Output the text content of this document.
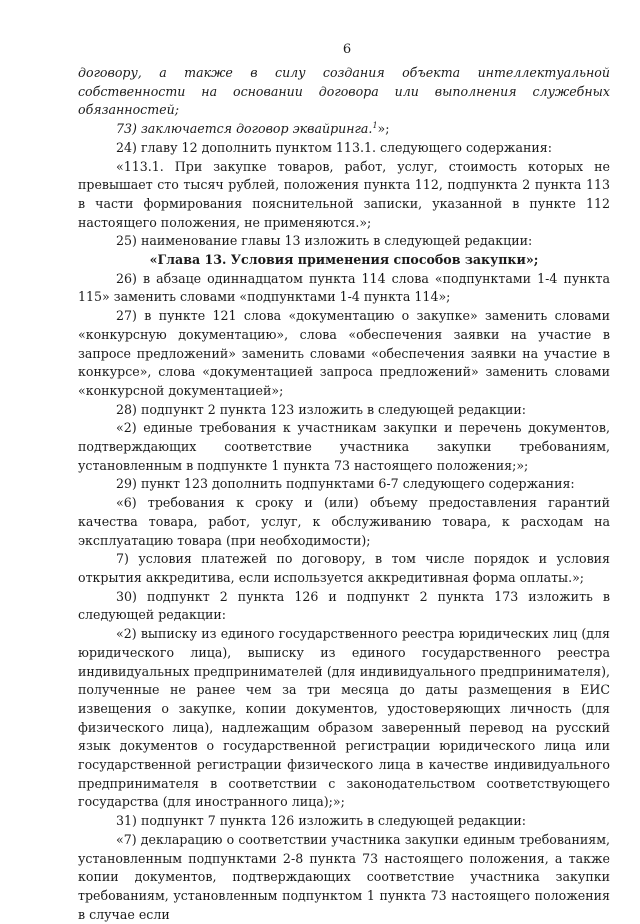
6

договору, а также в силу создания объекта интеллектуальной собственности на основании договора или выполнения служебных обязанностей;

73) заключается договор эквайринга.$^1$»;

24) главу 12 дополнить пунктом 113.1. следующего содержания:

«113.1. При закупке товаров, работ, услуг, стоимость которых не превышает сто тысяч рублей, положения пункта 112, подпункта 2 пункта 113 в части формирования пояснительной записки, указанной в пункте 112 настоящего положения, не применяются.»;

25) наименование главы 13 изложить в следующей редакции:

«Глава 13. Условия применения способов закупки»;

26) в абзаце одиннадцатом пункта 114 слова «подпунктами 1-4 пункта 115» заменить словами «подпунктами 1-4 пункта 114»;

27) в пункте 121 слова «документацию о закупке» заменить словами «конкурсную документацию», слова «обеспечения заявки на участие в запросе предложений» заменить словами «обеспечения заявки на участие в конкурсе», слова «документацией запроса предложений» заменить словами «конкурсной документацией»;

28) подпункт 2 пункта 123 изложить в следующей редакции:

«2) единые требования к участникам закупки и перечень документов, подтверждающих соответствие участника закупки требованиям, установленным в подпункте 1 пункта 73 настоящего положения;»;

29) пункт 123 дополнить подпунктами 6-7 следующего содержания:

«6) требования к сроку и (или) объему предоставления гарантий качества товара, работ, услуг, к обслуживанию товара, к расходам на эксплуатацию товара (при необходимости);

7) условия платежей по договору, в том числе порядок и условия открытия аккредитива, если используется аккредитивная форма оплаты.»;

30) подпункт 2 пункта 126 и подпункт 2 пункта 173 изложить в следующей редакции:

«2) выписку из единого государственного реестра юридических лиц (для юридического лица), выписку из единого государственного реестра индивидуальных предпринимателей (для индивидуального предпринимателя), полученные не ранее чем за три месяца до даты размещения в ЕИС извещения о закупке, копии документов, удостоверяющих личность (для физического лица), надлежащим образом заверенный перевод на русский язык документов о государственной регистрации юридического лица или государственной регистрации физического лица в качестве индивидуального предпринимателя в соответствии с законодательством соответствующего государства (для иностранного лица);»;

31) подпункт 7 пункта 126 изложить в следующей редакции:

«7) декларацию о соответствии участника закупки единым требованиям, установленным подпунктами 2-8 пункта 73 настоящего положения, а также копии документов, подтверждающих соответствие участника закупки требованиям, установленным подпунктом 1 пункта 73 настоящего положения в случае если
